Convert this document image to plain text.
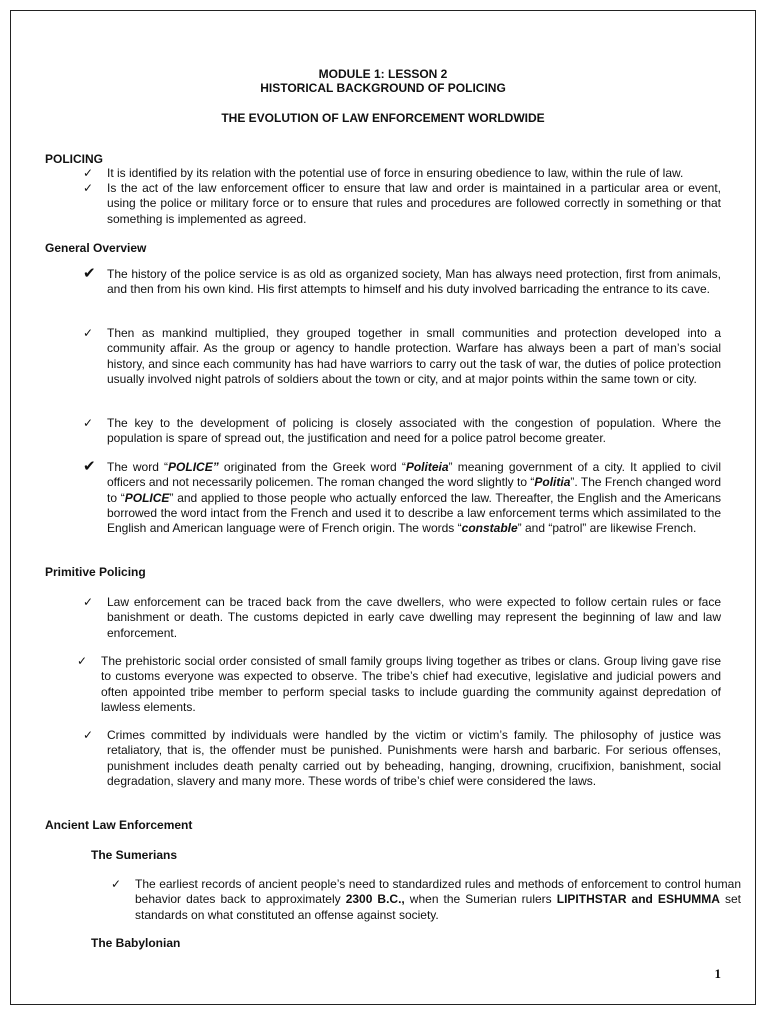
MODULE 1: LESSON 2
HISTORICAL BACKGROUND OF POLICING
THE EVOLUTION OF LAW ENFORCEMENT WORLDWIDE
POLICING
✓ It is identified by its relation with the potential use of force in ensuring obedience to law, within the rule of law.
✓ Is the act of the law enforcement officer to ensure that law and order is maintained in a particular area or event, using the police or military force or to ensure that rules and procedures are followed correctly in something or that something is implemented as agreed.
General Overview
✔ The history of the police service is as old as organized society, Man has always need protection, first from animals, and then from his own kind. His first attempts to himself and his duty involved barricading the entrance to its cave.
✓ Then as mankind multiplied, they grouped together in small communities and protection developed into a community affair. As the group or agency to handle protection. Warfare has always been a part of man’s social history, and since each community has had have warriors to carry out the task of war, the duties of police protection usually involved night patrols of soldiers about the town or city, and at major points within the same town or city.
✓ The key to the development of policing is closely associated with the congestion of population. Where the population is spare of spread out, the justification and need for a police patrol become greater.
✔ The word “POLICE” originated from the Greek word “Politeia” meaning government of a city. It applied to civil officers and not necessarily policemen. The roman changed the word slightly to “Politia”. The French changed word to “POLICE” and applied to those people who actually enforced the law. Thereafter, the English and the Americans borrowed the word intact from the French and used it to describe a law enforcement terms which assimilated to the English and American language were of French origin. The words “constable” and “patrol” are likewise French.
Primitive Policing
✓ Law enforcement can be traced back from the cave dwellers, who were expected to follow certain rules or face banishment or death. The customs depicted in early cave dwelling may represent the beginning of law and law enforcement.
✓ The prehistoric social order consisted of small family groups living together as tribes or clans. Group living gave rise to customs everyone was expected to observe. The tribe’s chief had executive, legislative and judicial powers and often appointed tribe member to perform special tasks to include guarding the community against depredation of lawless elements.
✓ Crimes committed by individuals were handled by the victim or victim’s family. The philosophy of justice was retaliatory, that is, the offender must be punished. Punishments were harsh and barbaric. For serious offenses, punishment includes death penalty carried out by beheading, hanging, drowning, crucifixion, banishment, social degradation, slavery and many more. These words of tribe’s chief were considered the laws.
Ancient Law Enforcement
The Sumerians
✓ The earliest records of ancient people’s need to standardized rules and methods of enforcement to control human behavior dates back to approximately 2300 B.C., when the Sumerian rulers LIPITHSTAR and ESHUMMA set standards on what constituted an offense against society.
The Babylonian
1
